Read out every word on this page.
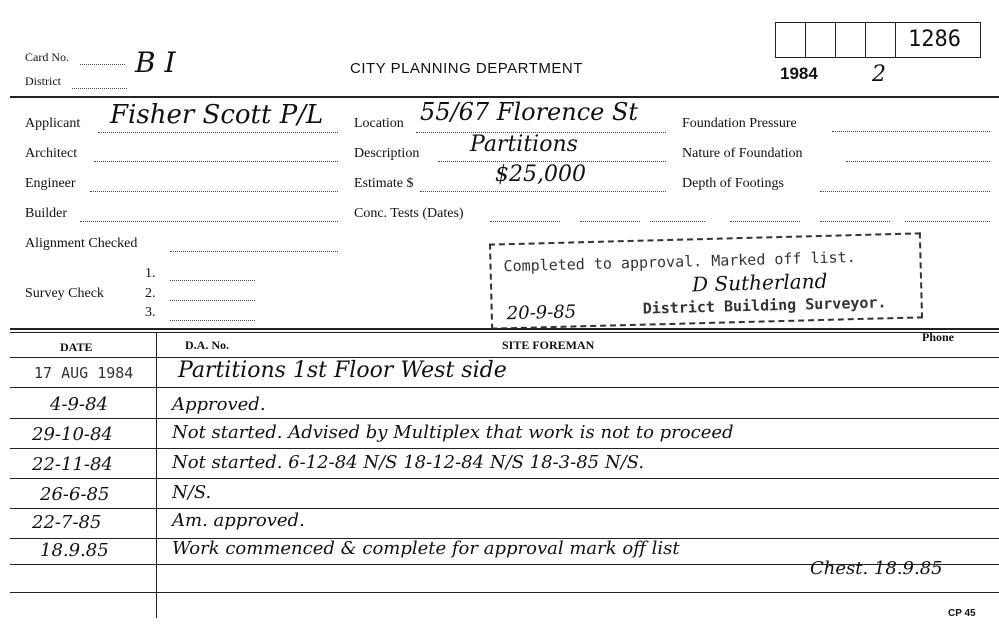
Card No.
District
B I	CITY PLANNING DEPARTMENT
1286
1984 2
Applicant Fisher Scott P/L
Architect
Engineer
Builder
Alignment Checked
1.
Survey Check	2.
3.
Location 55/67 Florence St
Description Partitions
Estimate $	$25,000
Conc. Tests (Dates)
Foundation Pressure
Nature of Foundation
Depth of Footings
Completed to approval. Marked off list.
D Sutherland
District Building Surveyor.
20-9-85
DATE	D.A. No.	SITE FOREMAN
Phone
17 AUG 1984 Partitions 1st Floor West side
4-9-84	Approved.
29-10-84	Not started. Advised by Multiplex that work is not to proceed
22-11-84	Not started. 6-12-84 N/S 18-12-84 N/S 18-3-85 N/S.
26-6-85	N/S.
22-7-85	Am. approved.
18.9.85	Work commenced & complete for approval mark off list
Chest. 18.9.85
CP 45
